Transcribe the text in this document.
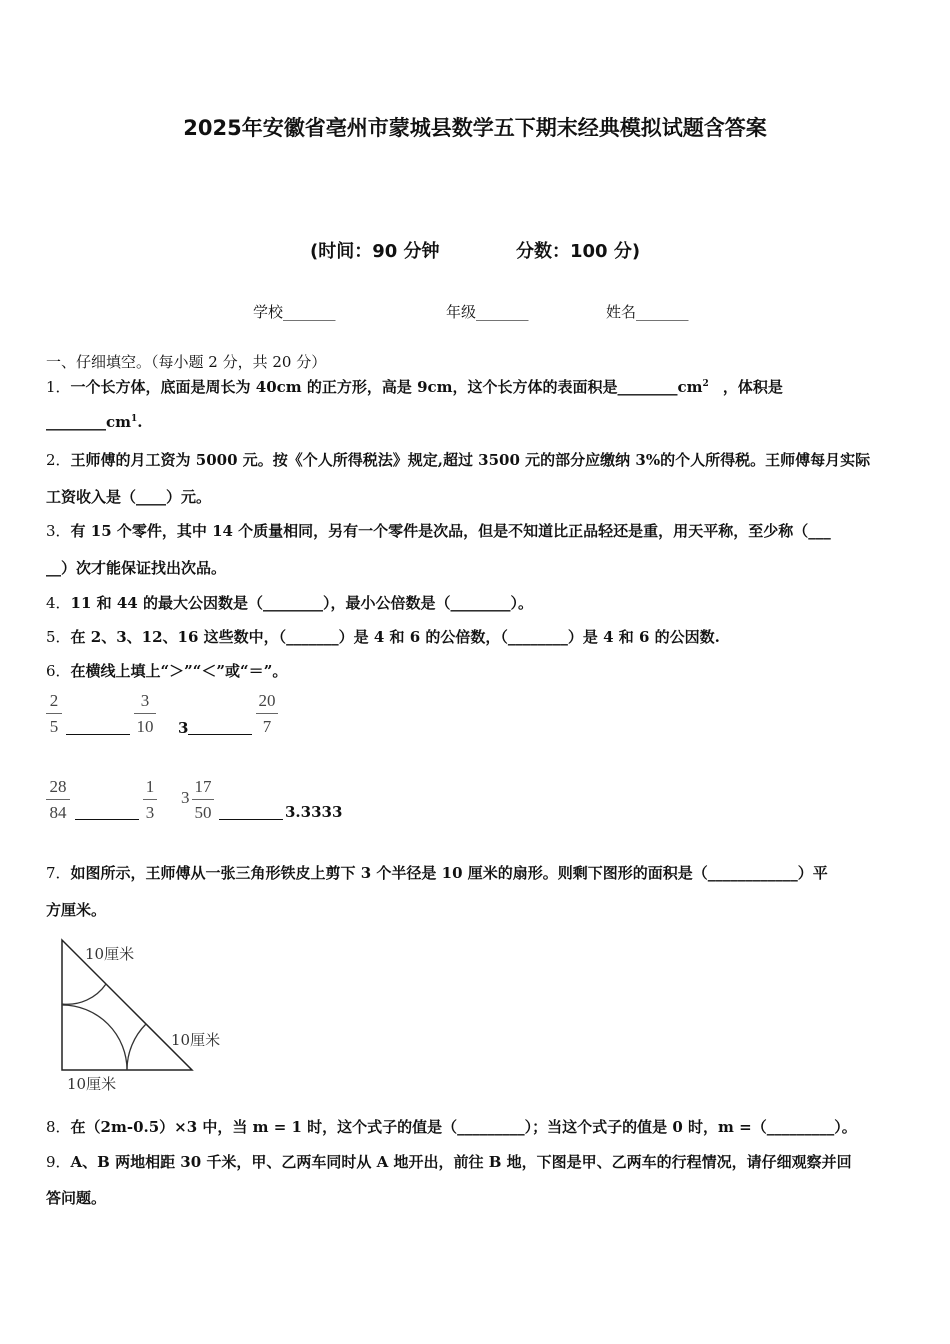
2025年安徽省亳州市蒙城县数学五下期末经典模拟试题含答案
(时间：90 分钟	分数：100 分)
学校_______	年级_______	姓名_______
一、仔细填空。（每小题 2 分，共 20 分）
1．一个长方体，底面是周长为 40cm 的正方形，高是 9cm，这个长方体的表面积是$\_\_\_\_\_\_\_\_cm^2$ ，体积是
$\_\_\_\_\_\_\_\_cm^1$.
2．王师傅的月工资为 5000 元。按《个人所得税法》规定,超过 3500 元的部分应缴纳 3%的个人所得税。王师傅每月实际
工资收入是（____）元。
3．有 15 个零件，其中 14 个质量相同，另有一个零件是次品，但是不知道比正品轻还是重，用天平称，至少称（___
__）次才能保证找出次品。
4．11 和 44 的最大公因数是（________），最小公倍数是（________）。
5．在 2、3、12、16 这些数中，（_______）是 4 和 6 的公倍数，（________）是 4 和 6 的公因数.
6．在横线上填上“＞”“＜”或“＝”。
2
5
3
10 3
20
7
28
84
1
3
3
17
50	3.3333
7．如图所示，王师傅从一张三角形铁皮上剪下 3 个半径是 10 厘米的扇形。则剩下图形的面积是（____________）平
方厘米。
10厘米
10厘米
10厘米
8．在（2m-0.5）×3 中，当 m = 1 时，这个式子的值是（_________）；当这个式子的值是 0 时，m =（_________）。
9．A、B 两地相距 30 千米，甲、乙两车同时从 A 地开出，前往 B 地，下图是甲、乙两车的行程情况，请仔细观察并回
答问题。
